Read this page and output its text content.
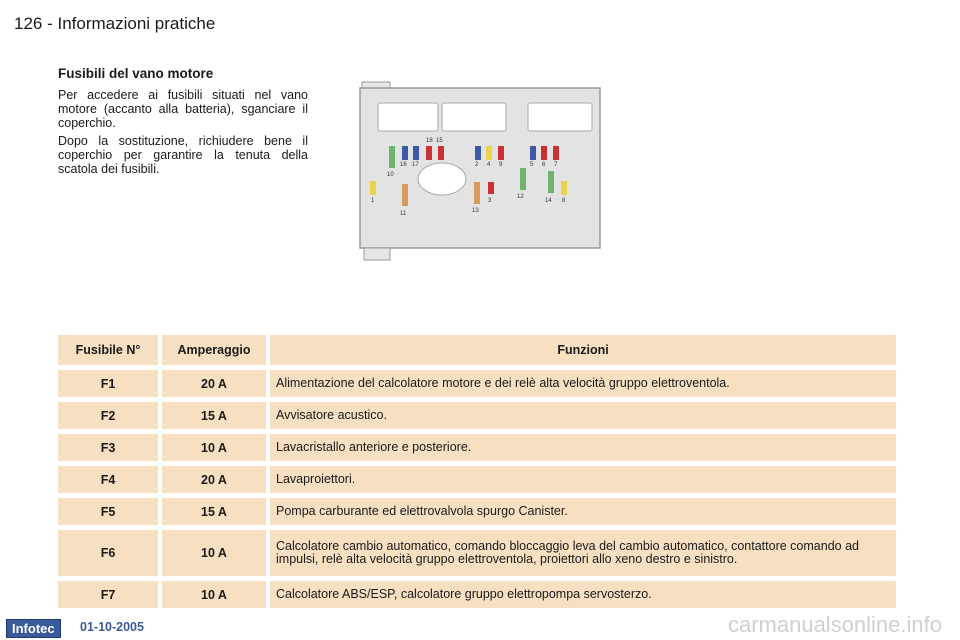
126 - Informazioni pratiche
Fusibili del vano motore

Per accedere ai fusibili situati nel vano motore (accanto alla batteria), sganciare il coperchio.

Dopo la sostituzione, richiudere bene il coperchio per garantire la tenuta della scatola dei fusibili.

1
2
3
4	5 6 7
8
9
10
11
12
13
14
15
16 17
18
Fusibile N°	Amperaggio	Funzioni
F1	20 A	Alimentazione del calcolatore motore e dei relè alta velocità gruppo elettroventola.
F2	15 A	Avvisatore acustico.
F3	10 A	Lavacristallo anteriore e posteriore.
F4	20 A	Lavaproiettori.
F5	15 A	Pompa carburante ed elettrovalvola spurgo Canister.
F6	10 A	Calcolatore cambio automatico, comando bloccaggio leva del cambio automatico, contattore comando ad impulsi, relè alta velocità gruppo elettroventola, proiettori allo xeno destro e sinistro.
F7	10 A	Calcolatore ABS/ESP, calcolatore gruppo elettropompa servosterzo.
Infotec	01-10-2005	carmanualsonline.info
